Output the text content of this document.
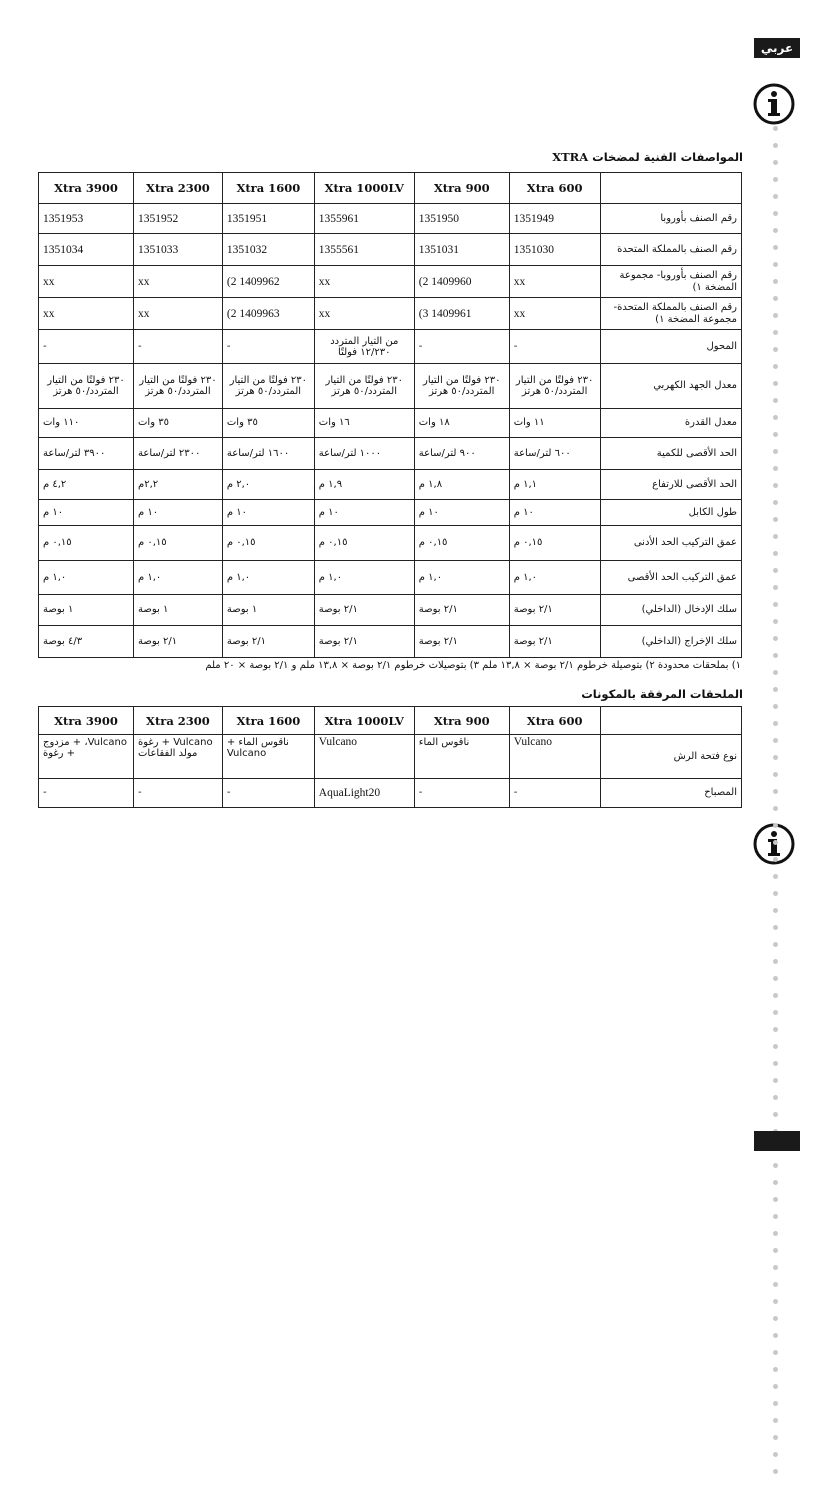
عربي
المواصفات الفنية لمضخات XTRA
	Xtra 600	Xtra 900	Xtra 1000LV	Xtra 1600	Xtra 2300	Xtra 3900
رقم الصنف بأوروبا	1351949	1351950	1355961	1351951	1351952	1351953
رقم الصنف بالمملكة المتحدة	1351030	1351031	1355561	1351032	1351033	1351034
رقم الصنف بأوروبا- مجموعة المضخة ١)	xx	1409960 2)	xx	1409962 2)	xx	xx
رقم الصنف بالمملكة المتحدة- مجموعة المضخة ١)	xx	1409961 3)	xx	1409963 2)	xx	xx
المحول	-	-	من التيار المتردد ١٢/٢٣٠ فولتًا	-	-	-
معدل الجهد الكهربي	٢٣٠ فولتًا من التيار المتردد/٥٠ هرتز	٢٣٠ فولتًا من التيار المتردد/٥٠ هرتز	٢٣٠ فولتًا من التيار المتردد/٥٠ هرتز	٢٣٠ فولتًا من التيار المتردد/٥٠ هرتز	٢٣٠ فولتًا من التيار المتردد/٥٠ هرتز	٢٣٠ فولتًا من التيار المتردد/٥٠ هرتز
معدل القدرة	١١ وات	١٨ وات	١٦ وات	٣٥ وات	٣٥ وات	١١٠ وات
الحد الأقصى للكمية	٦٠٠ لتر/ساعة	٩٠٠ لتر/ساعة	١٠٠٠ لتر/ساعة	١٦٠٠ لتر/ساعة	٢٣٠٠ لتر/ساعة	٣٩٠٠ لتر/ساعة
الحد الأقصى للارتفاع	١,١ م	١,٨ م	١,٩ م	٢,٠ م	٢,٢م	٤,٢ م
طول الكابل	١٠ م	١٠ م	١٠ م	١٠ م	١٠ م	١٠ م
عمق التركيب الحد الأدنى	٠,١٥ م	٠,١٥ م	٠,١٥ م	٠,١٥ م	٠,١٥ م	٠,١٥ م
عمق التركيب الحد الأقصى	١,٠ م	١,٠ م	١,٠ م	١,٠ م	١,٠ م	١,٠ م
سلك الإدخال (الداخلي)	٢/١ بوصة	٢/١ بوصة	٢/١ بوصة	١ بوصة	١ بوصة	١ بوصة
سلك الإخراج (الداخلي)	٢/١ بوصة	٢/١ بوصة	٢/١ بوصة	٢/١ بوصة	٢/١ بوصة	٤/٣ بوصة
١) بملحقات محدودة ٢) بتوصيلة خرطوم ٢/١ بوصة × ١٣,٨ ملم ٣) بتوصيلات خرطوم ٢/١ بوصة × ١٣,٨ ملم و ٢/١ بوصة × ٢٠ ملم
الملحقات المرفقة بالمكونات
	Xtra 600	Xtra 900	Xtra 1000LV	Xtra 1600	Xtra 2300	Xtra 3900
نوع فتحة الرش	Vulcano	ناقوس الماء	Vulcano	ناقوس الماء + Vulcano	Vulcano + رغوة مولد الفقاعات	Vulcano، + مزدوج + رغوة
المصباح	-	-	AquaLight20	-	-	-
